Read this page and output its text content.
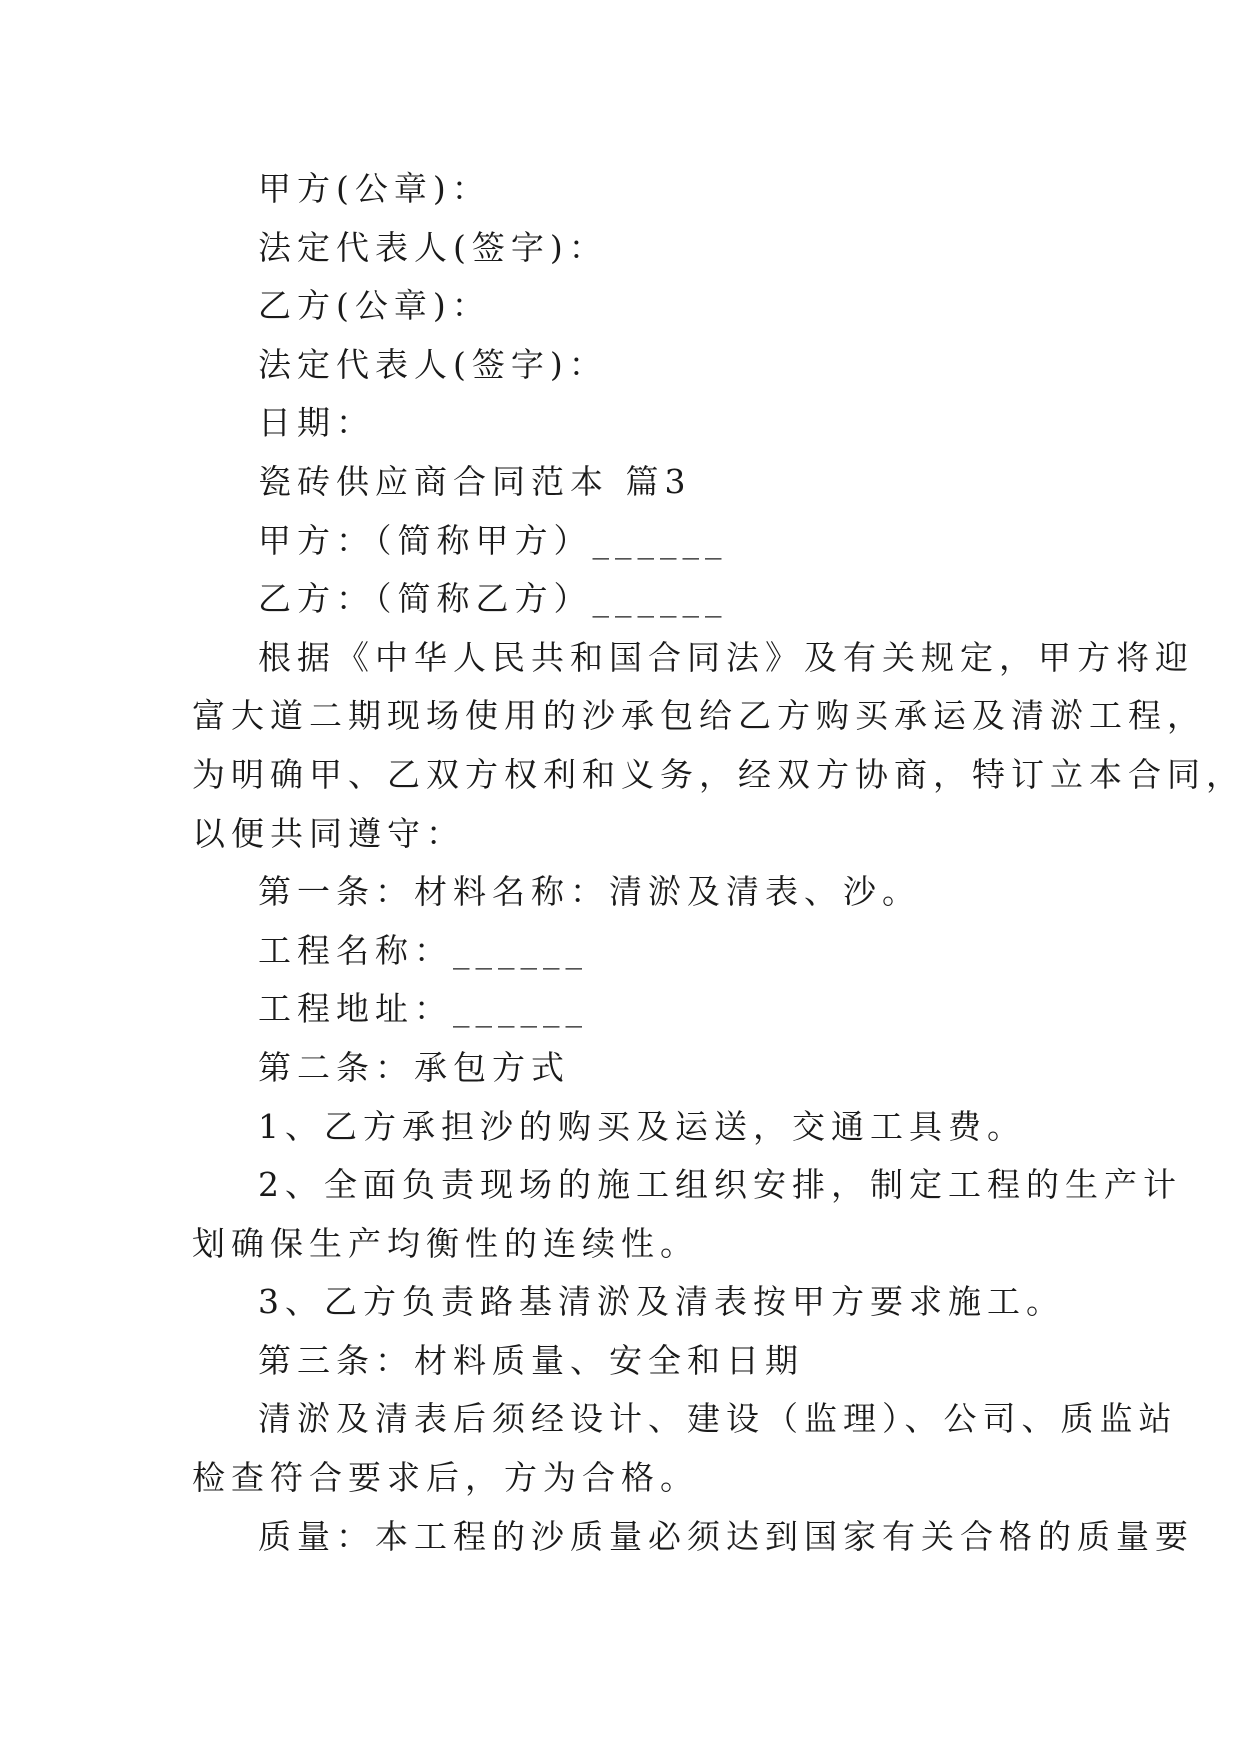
甲方(公章)：
法定代表人(签字)：
乙方(公章)：
法定代表人(签字)：
日期：
瓷砖供应商合同范本 篇3
甲方：（简称甲方）______
乙方：（简称乙方）______
根据《中华人民共和国合同法》及有关规定，甲方将迎
富大道二期现场使用的沙承包给乙方购买承运及清淤工程，
为明确甲、乙双方权利和义务，经双方协商，特订立本合同，
以便共同遵守：
第一条：材料名称：清淤及清表、沙。
工程名称：______
工程地址：______
第二条：承包方式
1、乙方承担沙的购买及运送，交通工具费。
2、全面负责现场的施工组织安排，制定工程的生产计
划确保生产均衡性的连续性。
3、乙方负责路基清淤及清表按甲方要求施工。
第三条：材料质量、安全和日期
清淤及清表后须经设计、建设（监理）、公司、质监站
检查符合要求后，方为合格。
质量：本工程的沙质量必须达到国家有关合格的质量要
